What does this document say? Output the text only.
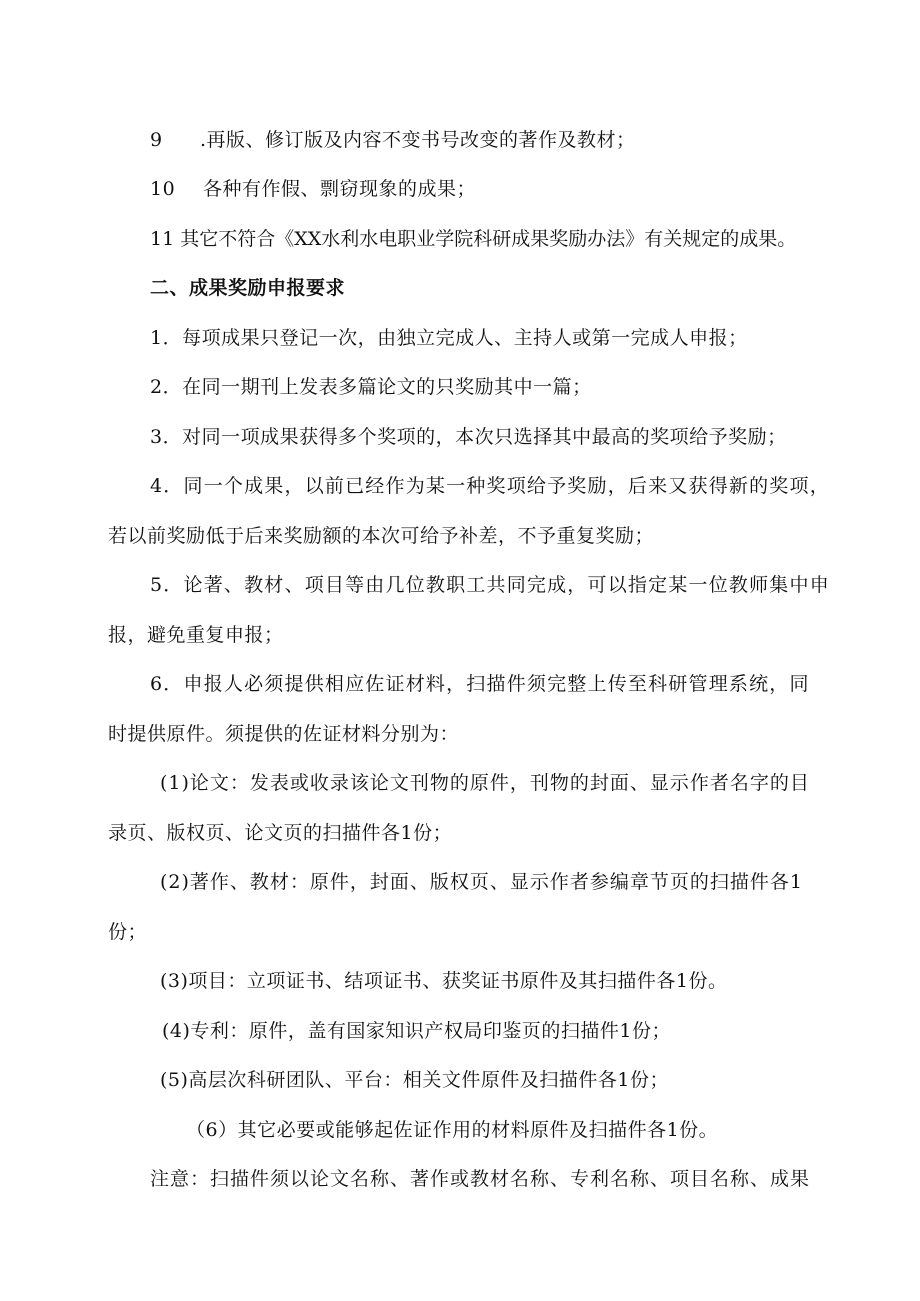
9 .再版、修订版及内容不变书号改变的著作及教材；
10 各种有作假、剽窃现象的成果；
11 其它不符合《XX水利水电职业学院科研成果奖励办法》有关规定的成果。
二、成果奖励申报要求
1．每项成果只登记一次，由独立完成人、主持人或第一完成人申报；
2．在同一期刊上发表多篇论文的只奖励其中一篇；
3．对同一项成果获得多个奖项的，本次只选择其中最高的奖项给予奖励；
4．同一个成果，以前已经作为某一种奖项给予奖励，后来又获得新的奖项，
若以前奖励低于后来奖励额的本次可给予补差，不予重复奖励；
5．论著、教材、项目等由几位教职工共同完成，可以指定某一位教师集中申
报，避免重复申报；
6．申报人必须提供相应佐证材料，扫描件须完整上传至科研管理系统，同
时提供原件。须提供的佐证材料分别为：
(1)论文：发表或收录该论文刊物的原件，刊物的封面、显示作者名字的目
录页、版权页、论文页的扫描件各1份；
(2)著作、教材：原件，封面、版权页、显示作者参编章节页的扫描件各1
份；
(3)项目：立项证书、结项证书、获奖证书原件及其扫描件各1份。
(4)专利：原件，盖有国家知识产权局印鉴页的扫描件1份；
(5)高层次科研团队、平台：相关文件原件及扫描件各1份；
（6）其它必要或能够起佐证作用的材料原件及扫描件各1份。
注意：扫描件须以论文名称、著作或教材名称、专利名称、项目名称、成果
